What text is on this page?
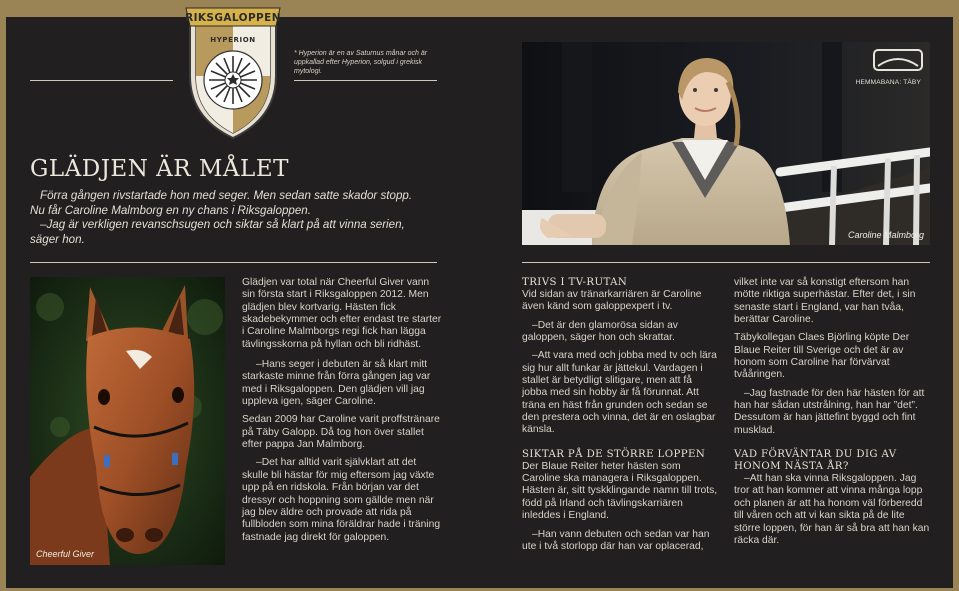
RIKSGALOPPEN
HYPERION
* Hyperion är en av Saturnus månar och är uppkallad efter Hyperion, solgud i grekisk mytologi.
GLÄDJEN ÄR MÅLET

Förra gången rivstartade hon med seger. Men sedan satte skador stopp. Nu får Caroline Malmborg en ny chans i Riksgaloppen.

–Jag är verkligen revanschsugen och siktar så klart på att vinna serien, säger hon.

HEMMABANA: TÄBY
Caroline Malmborg
Cheerful Giver

Glädjen var total när Cheerful Giver vann sin första start i Riksgaloppen 2012. Men glädjen blev kortvarig. Hästen fick skadebekymmer och efter endast tre starter i Caroline Malmborgs regi fick han lägga tävlingsskorna på hyllan och bli ridhäst.

–Hans seger i debuten är så klart mitt starkaste minne från förra gången jag var med i Riksgaloppen. Den glädjen vill jag uppleva igen, säger Caroline.

Sedan 2009 har Caroline varit proffstränare på Täby Galopp. Då tog hon över stallet efter pappa Jan Malmborg.

–Det har alltid varit självklart att det skulle bli hästar för mig eftersom jag växte upp på en ridskola. Från början var det dressyr och hoppning som gällde men när jag blev äldre och provade att rida på fullbloden som mina föräldrar hade i träning fastnade jag direkt för galoppen.

TRIVS I TV-RUTAN

Vid sidan av tränarkarriären är Caroline även känd som galoppexpert i tv.

–Det är den glamorösa sidan av galoppen, säger hon och skrattar.

–Att vara med och jobba med tv och lära sig hur allt funkar är jättekul. Vardagen i stallet är betydligt slitigare, men att få jobba med sin hobby är få förunnat. Att träna en häst från grunden och sedan se den prestera och vinna, det är en oslagbar känsla.

SIKTAR PÅ DE STÖRRE LOPPEN

Der Blaue Reiter heter hästen som Caroline ska managera i Riksgaloppen. Hästen är, sitt tyskklingande namn till trots, född på Irland och tävlingskarriären inleddes i England.

–Han vann debuten och sedan var han ute i två storlopp där han var oplacerad,

vilket inte var så konstigt eftersom han mötte riktiga superhästar. Efter det, i sin senaste start i England, var han tvåa, berättar Caroline.

Täbykollegan Claes Björling köpte Der Blaue Reiter till Sverige och det är av honom som Caroline har förvärvat tvååringen.

–Jag fastnade för den här hästen för att han har sådan utstrålning, han har ”det”. Dessutom är han jättefint byggd och fint musklad.

VAD FÖRVÄNTAR DU DIG AV HONOM NÄSTA ÅR?

–Att han ska vinna Riksgaloppen. Jag tror att han kommer att vinna många lopp och planen är att ha honom väl förberedd till våren och att vi kan sikta på de lite större loppen, för han är så bra att han kan räcka där.
